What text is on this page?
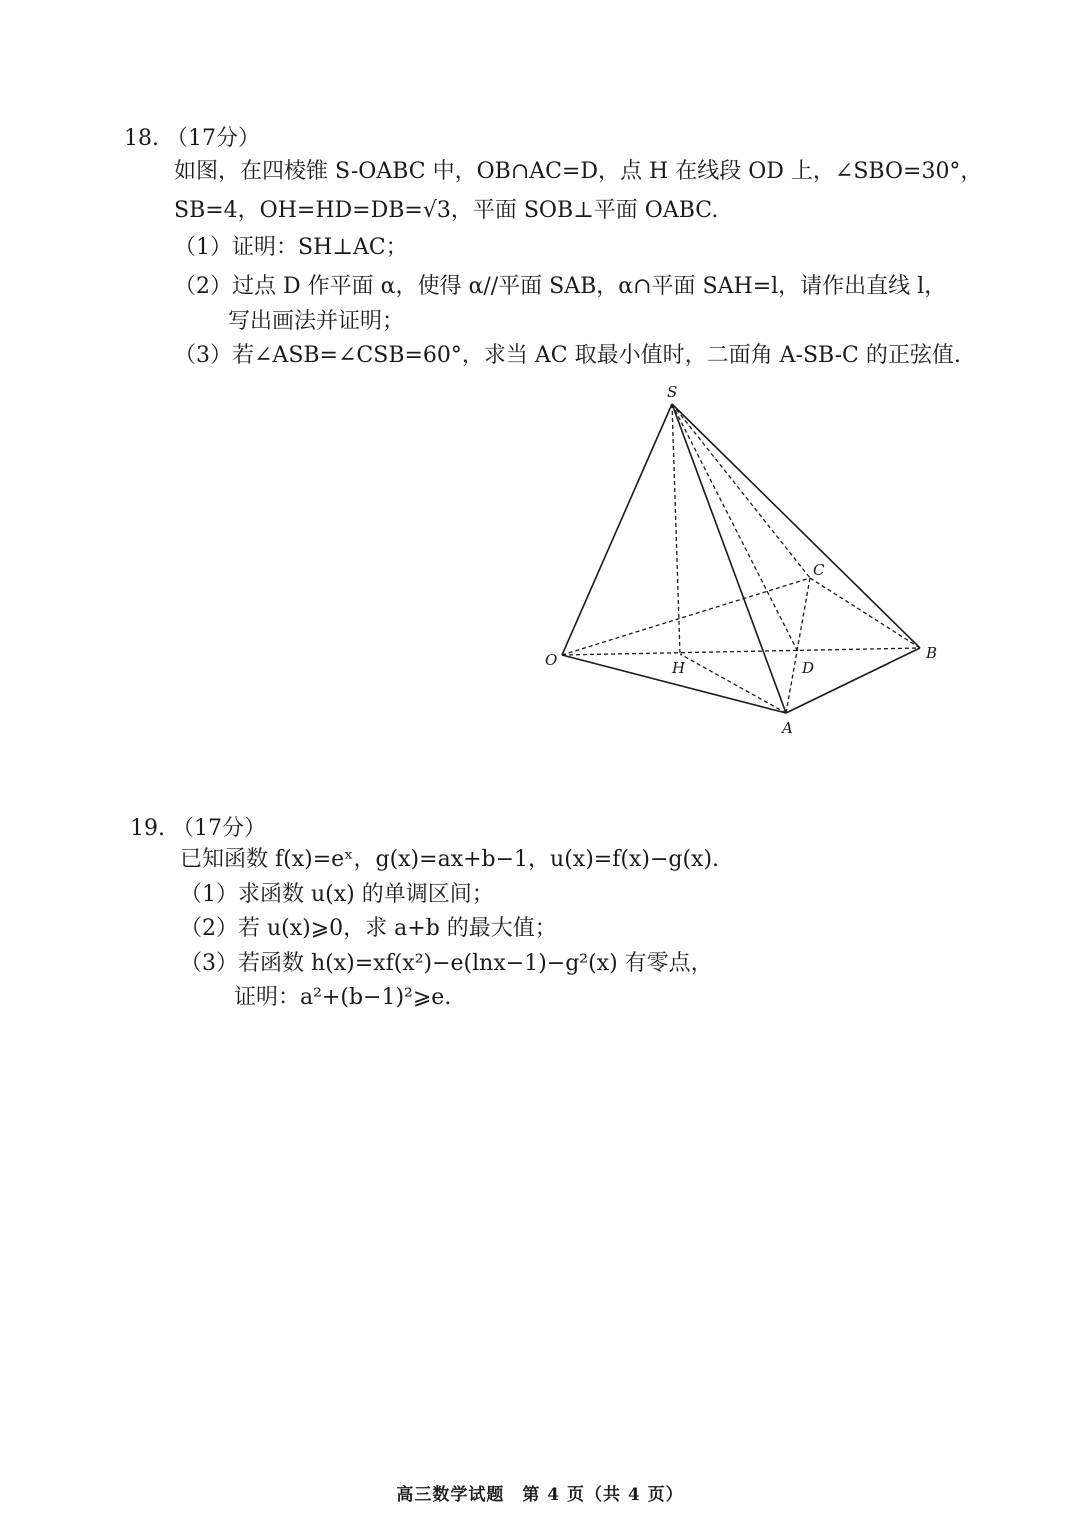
18. （17分）
如图，在四棱锥 S-OABC 中，OB∩AC=D，点 H 在线段 OD 上，∠SBO=30°，
SB=4，OH=HD=DB=√3，平面 SOB⊥平面 OABC.
（1）证明：SH⊥AC；
（2）过点 D 作平面 α，使得 α//平面 SAB，α∩平面 SAH=l，请作出直线 l，
写出画法并证明；
（3）若∠ASB=∠CSB=60°，求当 AC 取最小值时，二面角 A-SB-C 的正弦值.
S
O
A
B
C
H	D
19. （17分）
已知函数 f(x)=eˣ，g(x)=ax+b−1，u(x)=f(x)−g(x).
（1）求函数 u(x) 的单调区间；
（2）若 u(x)⩾0，求 a+b 的最大值；
（3）若函数 h(x)=xf(x²)−e(lnx−1)−g²(x) 有零点，
证明：a²+(b−1)²⩾e.
高三数学试题　第 4 页（共 4 页）
